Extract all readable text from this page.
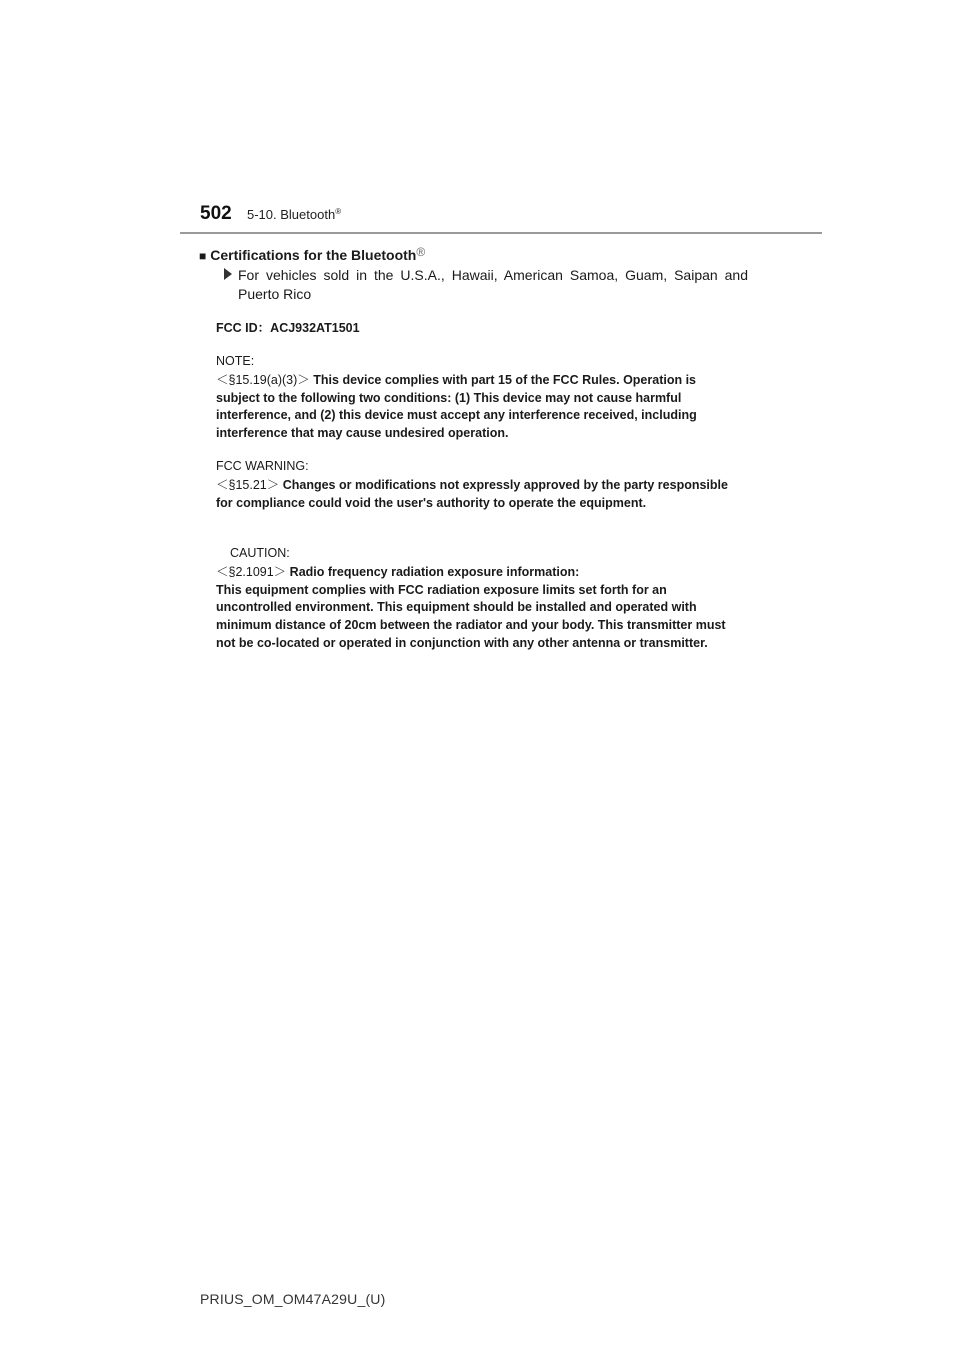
502 5-10. Bluetooth®
■ Certifications for the Bluetooth®
For vehicles sold in the U.S.A., Hawaii, American Samoa, Guam, Saipan and Puerto Rico
FCC ID：ACJ932AT1501
NOTE:
＜§15.19(a)(3)＞ This device complies with part 15 of the FCC Rules. Operation is subject to the following two conditions: (1) This device may not cause harmful interference, and (2) this device must accept any interference received, including interference that may cause undesired operation.
FCC WARNING:
＜§15.21＞ Changes or modifications not expressly approved by the party responsible for compliance could void the user's authority to operate the equipment.
CAUTION:
＜§2.1091＞ Radio frequency radiation exposure information:
This equipment complies with FCC radiation exposure limits set forth for an uncontrolled environment. This equipment should be installed and operated with minimum distance of 20cm between the radiator and your body. This transmitter must not be co-located or operated in conjunction with any other antenna or transmitter.
PRIUS_OM_OM47A29U_(U)
